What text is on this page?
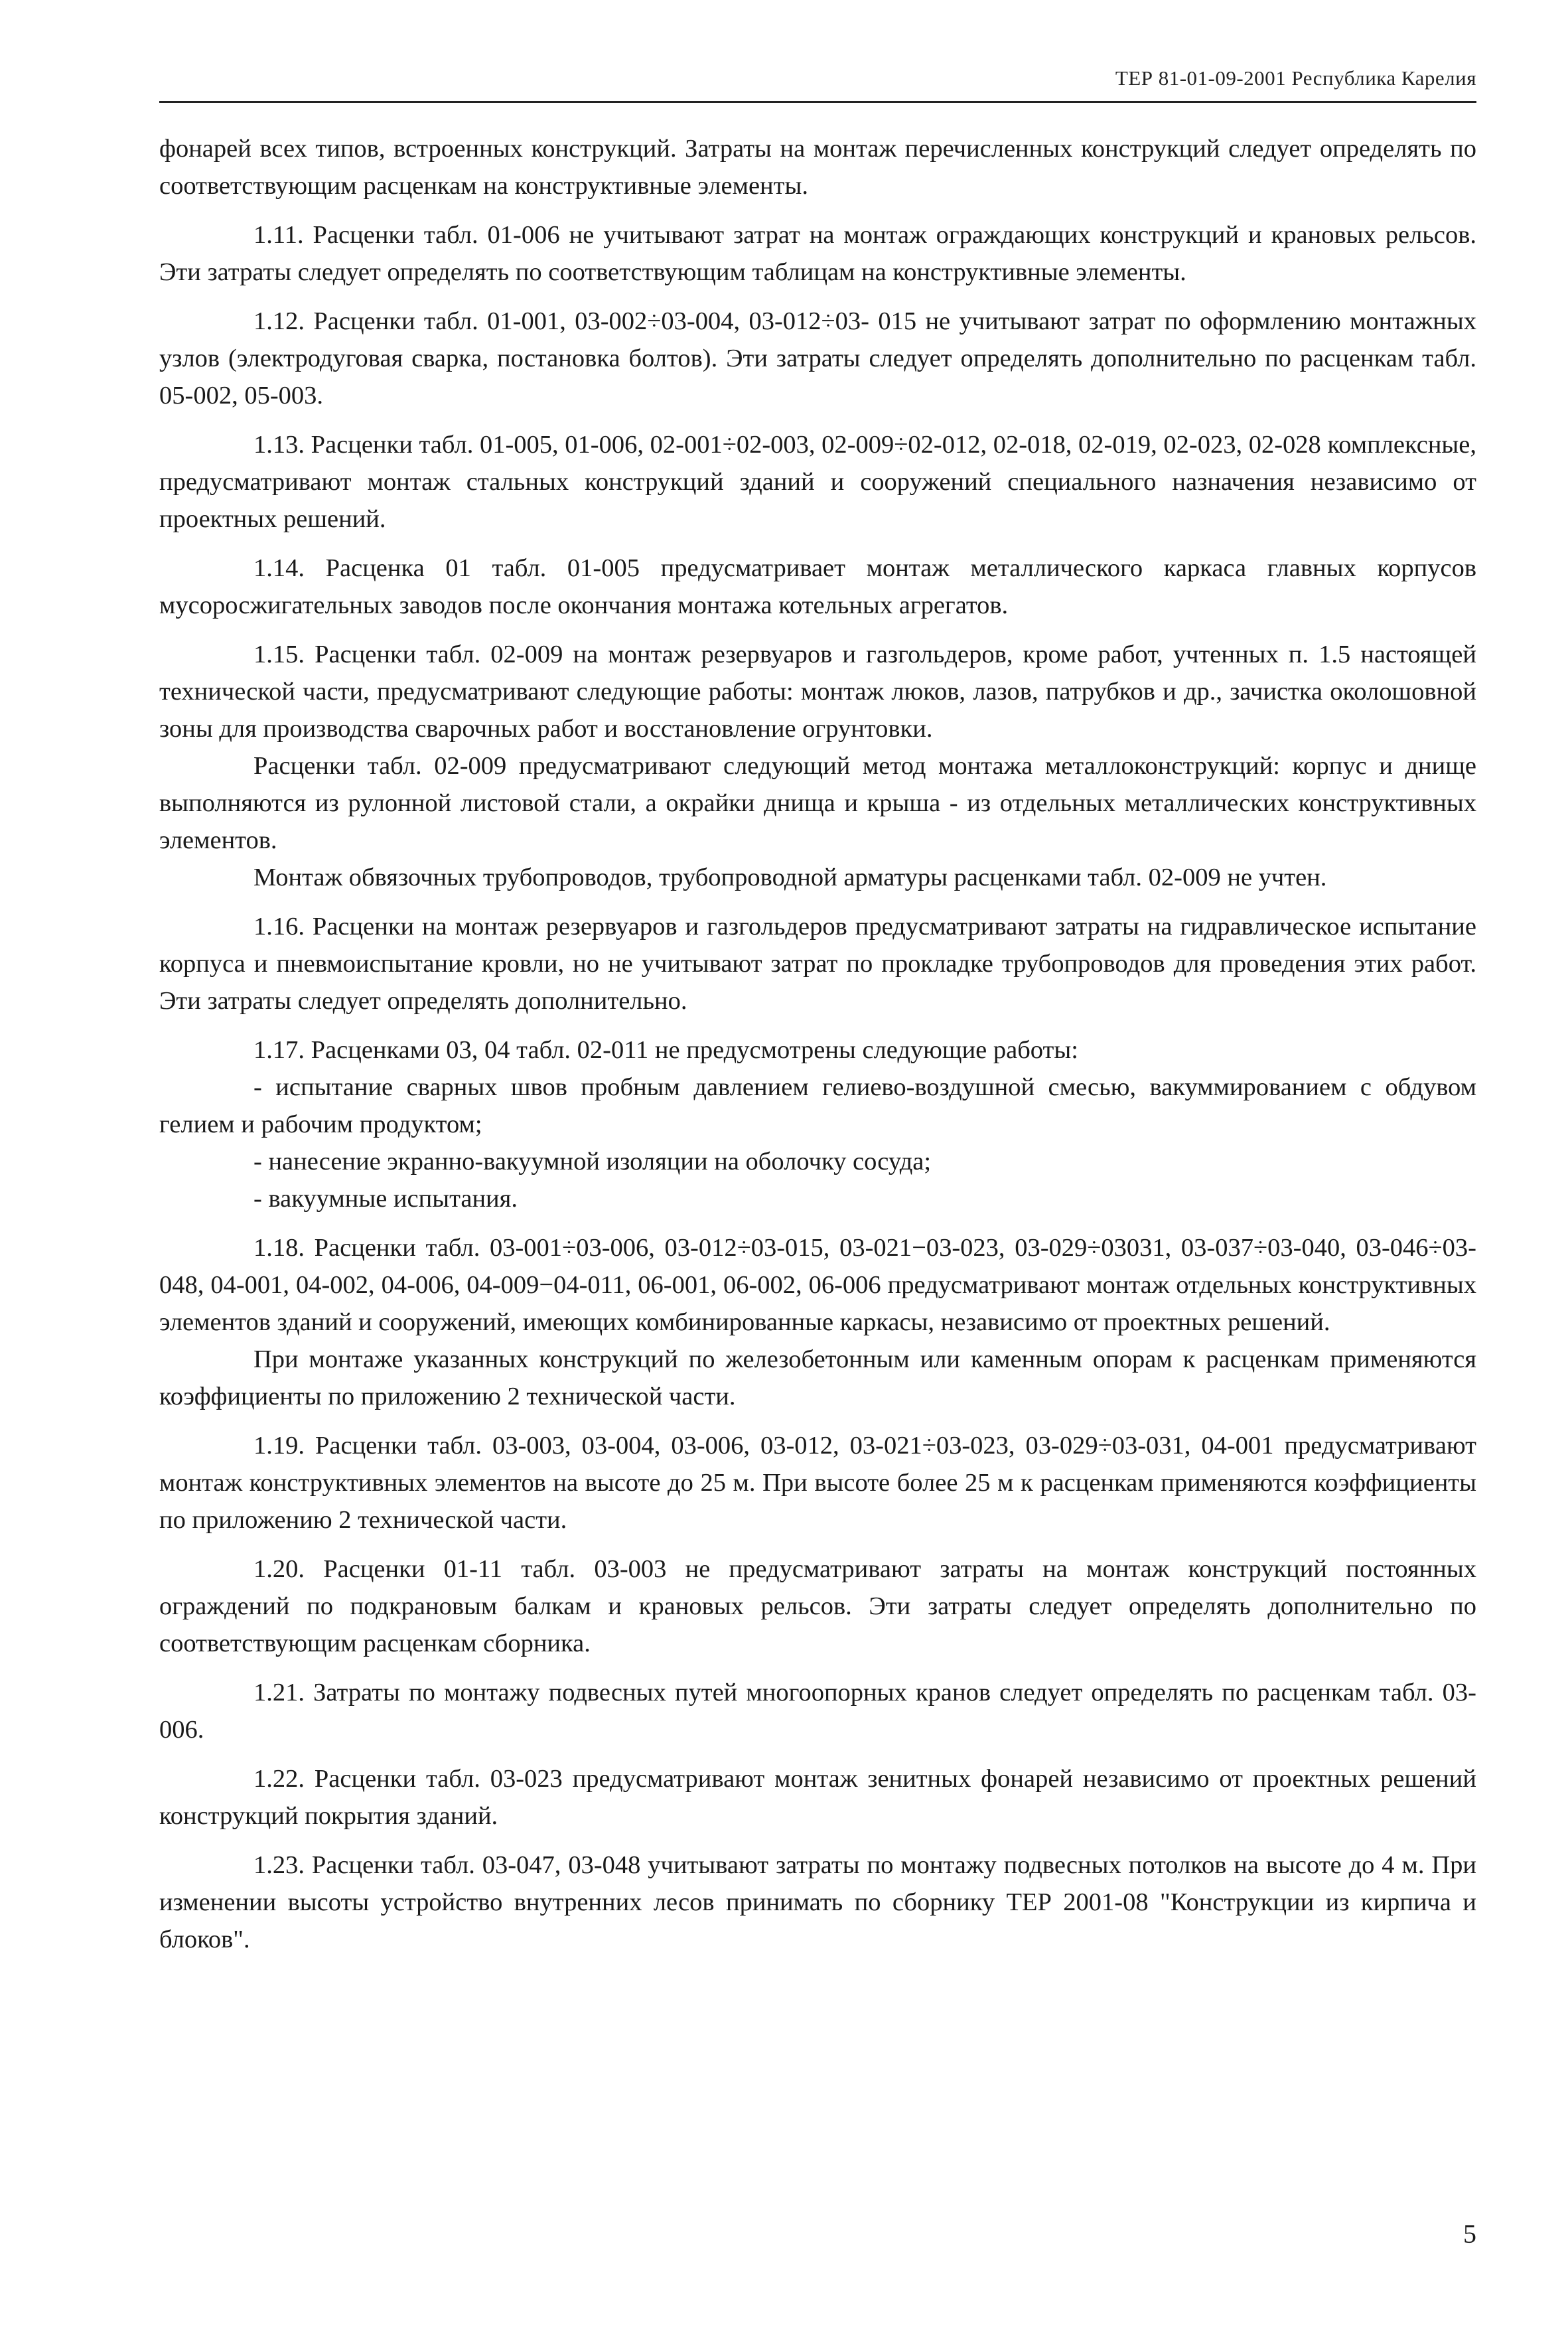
ТЕР 81-01-09-2001 Республика Карелия

фонарей всех типов, встроенных конструкций. Затраты на монтаж перечисленных конструкций следует определять по соответствующим расценкам на конструктивные элементы.

1.11. Расценки табл. 01-006 не учитывают затрат на монтаж ограждающих конструкций и крановых рельсов. Эти затраты следует определять по соответствующим таблицам на конструктивные элементы.

1.12. Расценки табл. 01-001, 03-002÷03-004, 03-012÷03- 015 не учитывают затрат по оформлению монтажных узлов (электродуговая сварка, постановка болтов). Эти затраты следует определять дополнительно по расценкам табл. 05-002, 05-003.

1.13. Расценки табл. 01-005, 01-006, 02-001÷02-003, 02-009÷02-012, 02-018, 02-019, 02-023, 02-028 комплексные, предусматривают монтаж стальных конструкций зданий и сооружений специального назначения независимо от проектных решений.

1.14. Расценка 01 табл. 01-005 предусматривает монтаж металлического каркаса главных корпусов мусоросжигательных заводов после окончания монтажа котельных агрегатов.

1.15. Расценки табл. 02-009 на монтаж резервуаров и газгольдеров, кроме работ, учтенных п. 1.5 настоящей технической части, предусматривают следующие работы: монтаж люков, лазов, патрубков и др., зачистка околошовной зоны для производства сварочных работ и восстановление огрунтовки.

Расценки табл. 02-009 предусматривают следующий метод монтажа металлоконструкций: корпус и днище выполняются из рулонной листовой стали, а окрайки днища и крыша - из отдельных металлических конструктивных элементов.

Монтаж обвязочных трубопроводов, трубопроводной арматуры расценками табл. 02-009 не учтен.

1.16. Расценки на монтаж резервуаров и газгольдеров предусматривают затраты на гидравлическое испытание корпуса и пневмоиспытание кровли, но не учитывают затрат по прокладке трубопроводов для проведения этих работ. Эти затраты следует определять дополнительно.

1.17. Расценками 03, 04 табл. 02-011 не предусмотрены следующие работы:

- испытание сварных швов пробным давлением гелиево-воздушной смесью, вакуммированием с обдувом гелием и рабочим продуктом;

- нанесение экранно-вакуумной изоляции на оболочку сосуда;

- вакуумные испытания.

1.18. Расценки табл. 03-001÷03-006, 03-012÷03-015, 03-021−03-023, 03-029÷03031, 03-037÷03-040, 03-046÷03-048, 04-001, 04-002, 04-006, 04-009−04-011, 06-001, 06-002, 06-006 предусматривают монтаж отдельных конструктивных элементов зданий и сооружений, имеющих комбинированные каркасы, независимо от проектных решений.

При монтаже указанных конструкций по железобетонным или каменным опорам к расценкам применяются коэффициенты по приложению 2 технической части.

1.19. Расценки табл. 03-003, 03-004, 03-006, 03-012, 03-021÷03-023, 03-029÷03-031, 04-001 предусматривают монтаж конструктивных элементов на высоте до 25 м. При высоте более 25 м к расценкам применяются коэффициенты по приложению 2 технической части.

1.20. Расценки 01-11 табл. 03-003 не предусматривают затраты на монтаж конструкций постоянных ограждений по подкрановым балкам и крановых рельсов. Эти затраты следует определять дополнительно по соответствующим расценкам сборника.

1.21. Затраты по монтажу подвесных путей многоопорных кранов следует определять по расценкам табл. 03-006.

1.22. Расценки табл. 03-023 предусматривают монтаж зенитных фонарей независимо от проектных решений конструкций покрытия зданий.

1.23. Расценки табл. 03-047, 03-048 учитывают затраты по монтажу подвесных потолков на высоте до 4 м. При изменении высоты устройство внутренних лесов принимать по сборнику ТЕР 2001-08 "Конструкции из кирпича и блоков".

5
